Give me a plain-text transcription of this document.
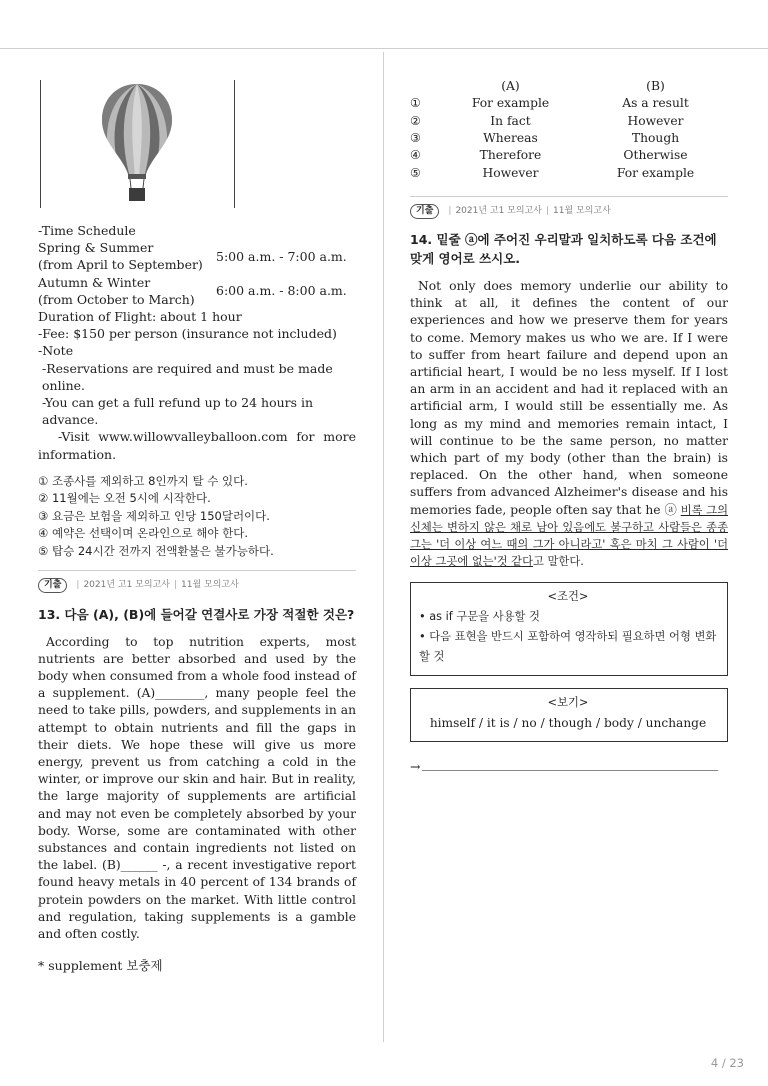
-Time Schedule
Spring & Summer
(from April to September)
5:00 a.m. - 7:00 a.m.
Autumn & Winter
(from October to March)
6:00 a.m. - 8:00 a.m.
Duration of Flight: about 1 hour
-Fee: $150 per person (insurance not included)
-Note
-Reservations are required and must be made online.
-You can get a full refund up to 24 hours in advance.
-Visit www.willowvalleyballoon.com for more information.
① 조종사를 제외하고 8인까지 탈 수 있다.
② 11월에는 오전 5시에 시작한다.
③ 요금은 보험을 제외하고 인당 150달러이다.
④ 예약은 선택이며 온라인으로 해야 한다.
⑤ 탑승 24시간 전까지 전액환불은 불가능하다.
기출	| 2021년 고1 모의고사 | 11월 모의고사
13. 다음 (A), (B)에 들어갈 연결사로 가장 적절한 것은?
According to top nutrition experts, most nutrients are better absorbed and used by the body when consumed from a whole food instead of a supplement. (A)________, many people feel the need to take pills, powders, and supplements in an attempt to obtain nutrients and fill the gaps in their diets. We hope these will give us more energy, prevent us from catching a cold in the winter, or improve our skin and hair. But in reality, the large majority of supplements are artificial and may not even be completely absorbed by your body. Worse, some are contaminated with other substances and contain ingredients not listed on the label. (B)______ -, a recent investigative report found heavy metals in 40 percent of 134 brands of protein powders on the market. With little control and regulation, taking supplements is a gamble and often costly.
* supplement 보충제
	(A)	(B)
①	For example	As a result
②	In fact	However
③	Whereas	Though
④	Therefore	Otherwise
⑤	However	For example
기출	| 2021년 고1 모의고사 | 11월 모의고사
14. 밑줄 ⓐ에 주어진 우리말과 일치하도록 다음 조건에 맞게 영어로 쓰시오.
Not only does memory underlie our ability to think at all, it defines the content of our experiences and how we preserve them for years to come. Memory makes us who we are. If I were to suffer from heart failure and depend upon an artificial heart, I would be no less myself. If I lost an arm in an accident and had it replaced with an artificial arm, I would still be essentially me. As long as my mind and memories remain intact, I will continue to be the same person, no matter which part of my body (other than the brain) is replaced. On the other hand, when someone suffers from advanced Alzheimer's disease and his memories fade, people often say that he ⓐ 비록 그의 신체는 변하지 않은 채로 남아 있음에도 불구하고 사람들은 종종 그는 '더 이상 여느 때의 그가 아니라고' 혹은 마치 그 사람이 '더 이상 그곳에 없는'것 같다고 말한다.
<조건>
• as if 구문을 사용할 것
• 다음 표현을 반드시 포함하여 영작하되 필요하면 어형 변화할 것
<보기>
himself / it is / no / though / body / unchange
→
4 / 23
